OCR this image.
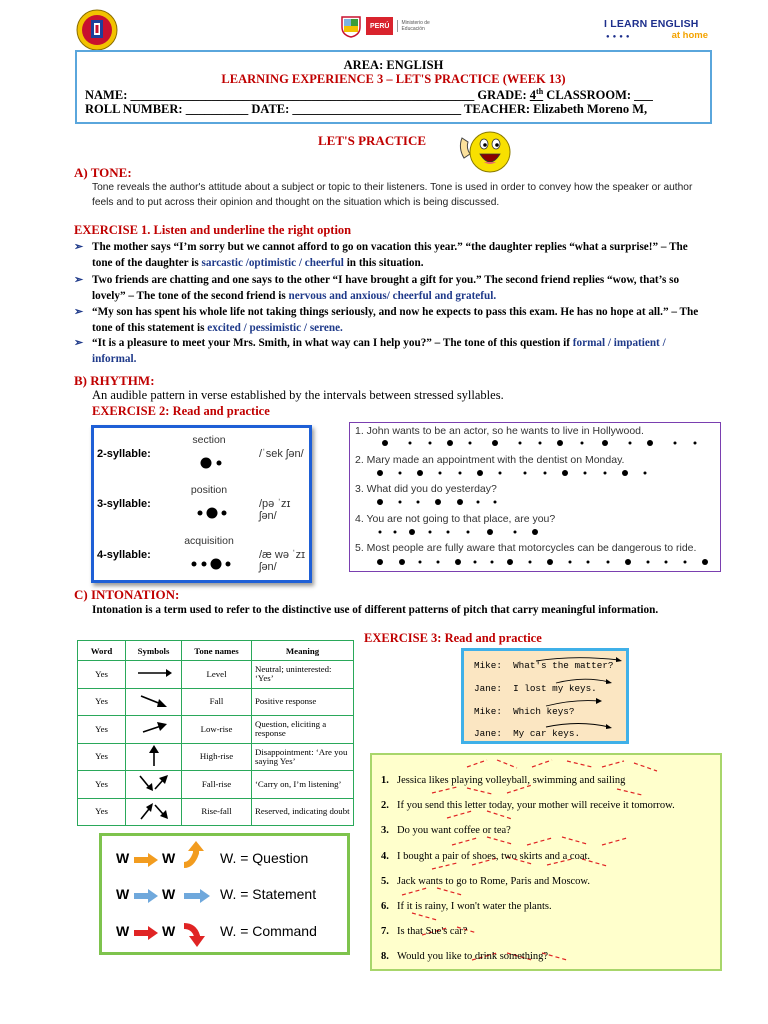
PERÚ	Ministerio de Educación	I LEARN ENGLISH
●●●●	at home
AREA: ENGLISH
LEARNING EXPERIENCE 3 – LET'S PRACTICE (WEEK 13)
NAME: _______________________________________________________ GRADE: 4th CLASSROOM: ___
ROLL NUMBER: __________ DATE: ___________________________ TEACHER: Elizabeth Moreno M,
LET'S PRACTICE
A) TONE:
Tone reveals the author's attitude about a subject or topic to their listeners. Tone is used in order to convey how the speaker or author feels and to put across their opinion and thought on the situation which is being discussed.
EXERCISE 1. Listen and underline the right option
➢ The mother says “I’m sorry but we cannot afford to go on vacation this year.” “the daughter replies “what a surprise!” – The tone of the daughter is sarcastic /optimistic / cheerful in this situation.
➢ Two friends are chatting and one says to the other “I have brought a gift for you.” The second friend replies “wow, that’s so lovely” – The tone of the second friend is nervous and anxious/ cheerful and grateful.
➢ “My son has spent his whole life not taking things seriously, and now he expects to pass this exam. He has no hope at all.” – The tone of this statement is excited / pessimistic / serene.
➢ “It is a pleasure to meet your Mrs. Smith, in what way can I help you?” – The tone of this question if formal / impatient / informal.
B) RHYTHM:
An audible pattern in verse established by the intervals between stressed syllables.
EXERCISE 2: Read and practice
2-syllable:
section
/ˈsek ʃən/
3-syllable:
position
/pə ˈzɪ ʃən/
4-syllable:
acquisition
/æ wə ˈzɪ ʃən/
1. John wants to be an actor, so he wants to live in Hollywood.
2. Mary made an appointment with the dentist on Monday.
3. What did you do yesterday?
4. You are not going to that place, are you?
5. Most people are fully aware that motorcycles can be dangerous to ride.
C) INTONATION:
Intonation is a term used to refer to the distinctive use of different patterns of pitch that carry meaningful information.
EXERCISE 3: Read and practice
Word	Symbols	Tone names	Meaning
Yes		Level	Neutral; uninterested: ‘Yes’
Yes		Fall	Positive response
Yes		Low-rise	Question, eliciting a response
Yes		High-rise	Disappointment: ‘Are you saying Yes’
Yes		Fall-rise	‘Carry on, I’m listening’
Yes		Rise-fall	Reserved, indicating doubt
W W	W. = Question
W W	W. = Statement
W W	W. = Command
Mike: What's the matter?
Jane: I lost my keys.
Mike: Which keys?
Jane: My car keys.
1. Jessica likes playing volleyball, swimming and sailing
2. If you send this letter today, your mother will receive it tomorrow.
3. Do you want coffee or tea?
4. I bought a pair of shoes, two skirts and a coat.
5. Jack wants to go to Rome, Paris and Moscow.
6. If it is rainy, I won't water the plants.
7. Is that Sue's car?
8. Would you like to drink something?
